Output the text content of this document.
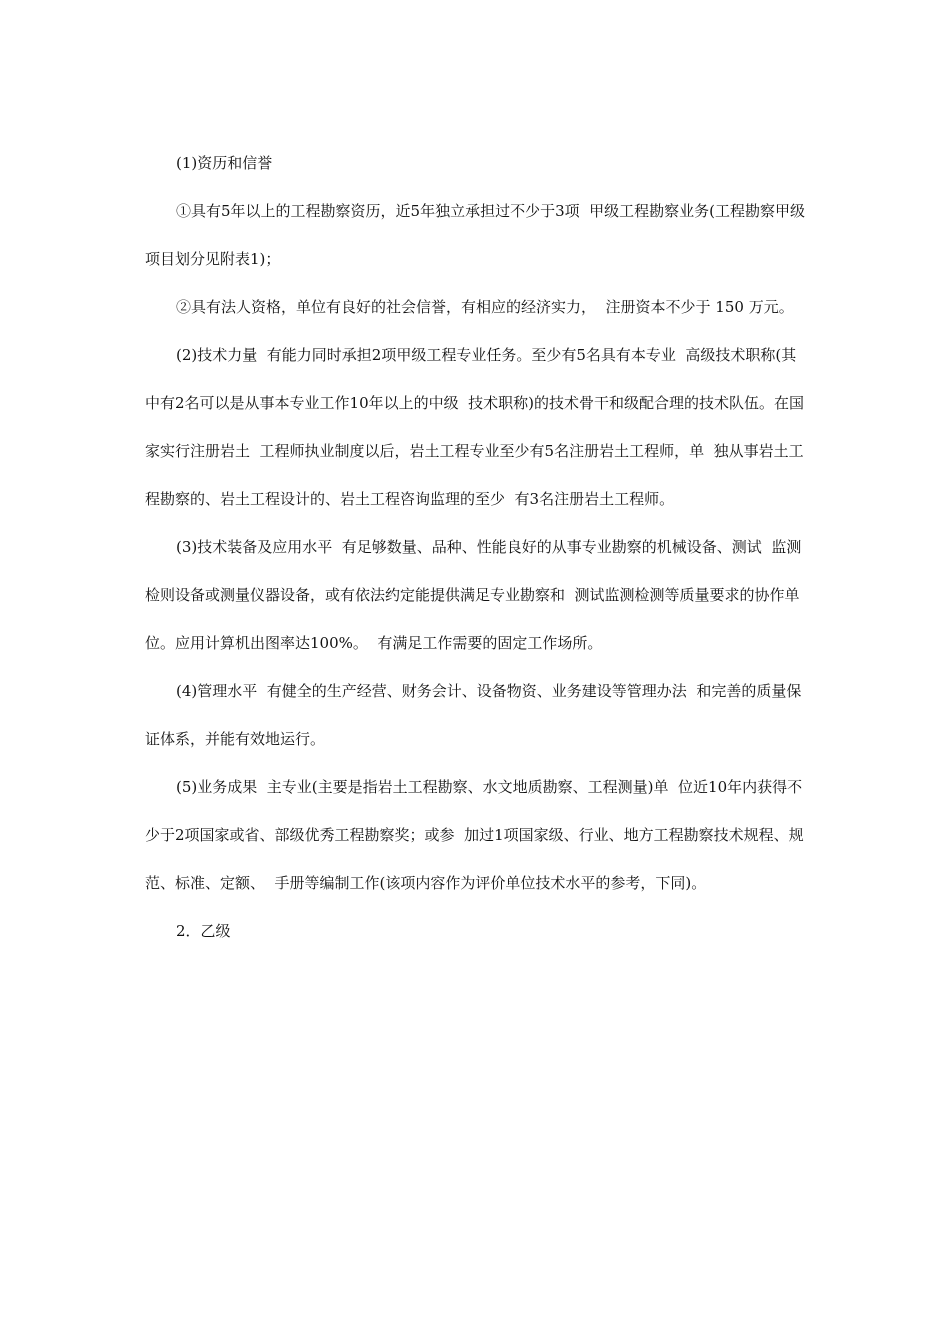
(1)资历和信誉

①具有5年以上的工程勘察资历，近5年独立承担过不少于3项  甲级工程勘察业务(工程勘察甲级

项目划分见附表1)；

②具有法人资格，单位有良好的社会信誉，有相应的经济实力，  注册资本不少于 150 万元。

(2)技术力量  有能力同时承担2项甲级工程专业任务。至少有5名具有本专业  高级技术职称(其

中有2名可以是从事本专业工作10年以上的中级  技术职称)的技术骨干和级配合理的技术队伍。在国

家实行注册岩土  工程师执业制度以后，岩土工程专业至少有5名注册岩土工程师，单  独从事岩土工

程勘察的、岩土工程设计的、岩土工程咨询监理的至少  有3名注册岩土工程师。

(3)技术装备及应用水平  有足够数量、品种、性能良好的从事专业勘察的机械设备、测试  监测

检则设备或测量仪器设备，或有依法约定能提供满足专业勘察和  测试监测检测等质量要求的协作单

位。应用计算机出图率达100%。  有满足工作需要的固定工作场所。

(4)管理水平  有健全的生产经营、财务会计、设备物资、业务建设等管理办法  和完善的质量保

证体系，并能有效地运行。

(5)业务成果  主专业(主要是指岩土工程勘察、水文地质勘察、工程测量)单  位近10年内获得不

少于2项国家或省、部级优秀工程勘察奖；或参  加过1项国家级、行业、地方工程勘察技术规程、规

范、标准、定额、  手册等编制工作(该项内容作为评价单位技术水平的参考，下同)。

2．乙级
